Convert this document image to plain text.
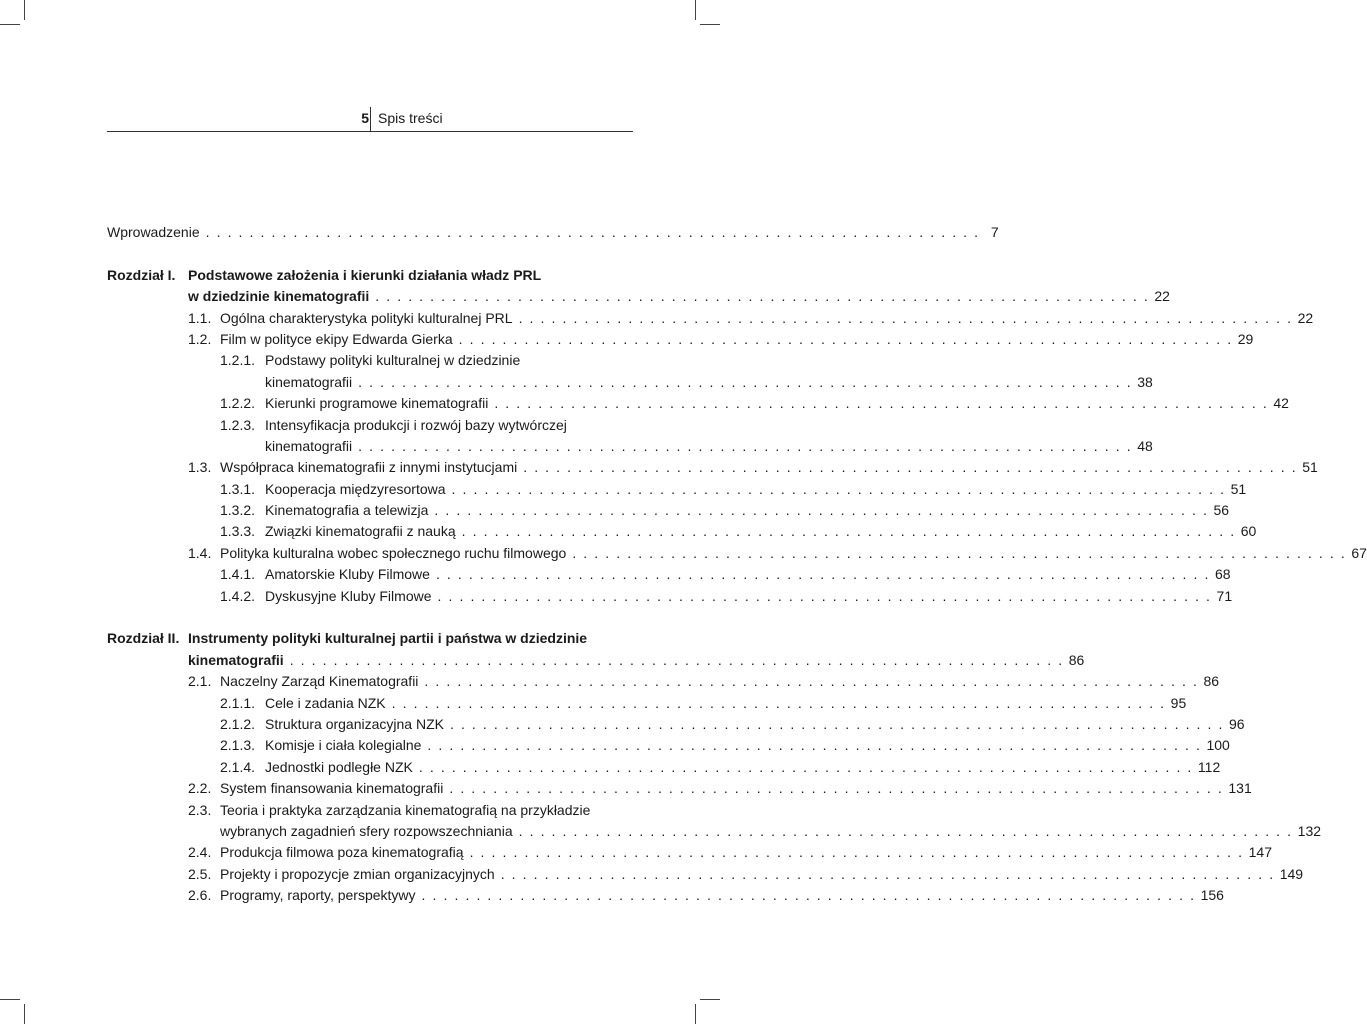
5 Spis treści
Wprowadzenie . . . . . . . . . . . . . . . . . . . . . . . . . . . . . . . . . . . . . . . . . . . . . . . . . . . . . . . . . . . . . . . . . . . . . . . 7
Podstawowe założenia i kierunki działania władz PRL
Rozdział I.
w dziedzinie kinematografii . . . . . . . . . . . . . . . . . . . . . . . . . . . . . . . . . . . . . . . . . . . . . . . . . . . . . . . . . . . . . . . . . . . . . . . 22
1.1. Ogólna charakterystyka polityki kulturalnej PRL . . . . . . . . . . . . . . . . . . . . . . . . . . . . . . . . . . . . . . . . . . . . . . . . . . . . . . . . . . . . . . . . . . . . . . . 22
1.2. Film w polityce ekipy Edwarda Gierka . . . . . . . . . . . . . . . . . . . . . . . . . . . . . . . . . . . . . . . . . . . . . . . . . . . . . . . . . . . . . . . . . . . . . . . 29
1.2.1. Podstawy polityki kulturalnej w dziedzinie
kinematografii . . . . . . . . . . . . . . . . . . . . . . . . . . . . . . . . . . . . . . . . . . . . . . . . . . . . . . . . . . . . . . . . . . . . . . . 38
1.2.2. Kierunki programowe kinematografii . . . . . . . . . . . . . . . . . . . . . . . . . . . . . . . . . . . . . . . . . . . . . . . . . . . . . . . . . . . . . . . . . . . . . . . 42
1.2.3. Intensyfikacja produkcji i rozwój bazy wytwórczej
kinematografii . . . . . . . . . . . . . . . . . . . . . . . . . . . . . . . . . . . . . . . . . . . . . . . . . . . . . . . . . . . . . . . . . . . . . . . 48
1.3. Współpraca kinematografii z innymi instytucjami . . . . . . . . . . . . . . . . . . . . . . . . . . . . . . . . . . . . . . . . . . . . . . . . . . . . . . . . . . . . . . . . . . . . . . . 51
1.3.1. Kooperacja międzyresortowa . . . . . . . . . . . . . . . . . . . . . . . . . . . . . . . . . . . . . . . . . . . . . . . . . . . . . . . . . . . . . . . . . . . . . . . 51
1.3.2. Kinematografia a telewizja . . . . . . . . . . . . . . . . . . . . . . . . . . . . . . . . . . . . . . . . . . . . . . . . . . . . . . . . . . . . . . . . . . . . . . . 56
1.3.3. Związki kinematografii z nauką . . . . . . . . . . . . . . . . . . . . . . . . . . . . . . . . . . . . . . . . . . . . . . . . . . . . . . . . . . . . . . . . . . . . . . . 60
1.4. Polityka kulturalna wobec społecznego ruchu filmowego . . . . . . . . . . . . . . . . . . . . . . . . . . . . . . . . . . . . . . . . . . . . . . . . . . . . . . . . . . . . . . . . . . . . . . . 67
1.4.1. Amatorskie Kluby Filmowe . . . . . . . . . . . . . . . . . . . . . . . . . . . . . . . . . . . . . . . . . . . . . . . . . . . . . . . . . . . . . . . . . . . . . . . 68
1.4.2. Dyskusyjne Kluby Filmowe . . . . . . . . . . . . . . . . . . . . . . . . . . . . . . . . . . . . . . . . . . . . . . . . . . . . . . . . . . . . . . . . . . . . . . . 71
Instrumenty polityki kulturalnej partii i państwa w dziedzinie
Rozdział II.
kinematografii . . . . . . . . . . . . . . . . . . . . . . . . . . . . . . . . . . . . . . . . . . . . . . . . . . . . . . . . . . . . . . . . . . . . . . . 86
2.1. Naczelny Zarząd Kinematografii . . . . . . . . . . . . . . . . . . . . . . . . . . . . . . . . . . . . . . . . . . . . . . . . . . . . . . . . . . . . . . . . . . . . . . . 86
2.1.1. Cele i zadania NZK . . . . . . . . . . . . . . . . . . . . . . . . . . . . . . . . . . . . . . . . . . . . . . . . . . . . . . . . . . . . . . . . . . . . . . . 95
2.1.2. Struktura organizacyjna NZK . . . . . . . . . . . . . . . . . . . . . . . . . . . . . . . . . . . . . . . . . . . . . . . . . . . . . . . . . . . . . . . . . . . . . . . 96
2.1.3. Komisje i ciała kolegialne . . . . . . . . . . . . . . . . . . . . . . . . . . . . . . . . . . . . . . . . . . . . . . . . . . . . . . . . . . . . . . . . . . . . . . . 100
2.1.4. Jednostki podległe NZK . . . . . . . . . . . . . . . . . . . . . . . . . . . . . . . . . . . . . . . . . . . . . . . . . . . . . . . . . . . . . . . . . . . . . . . 112
2.2. System finansowania kinematografii . . . . . . . . . . . . . . . . . . . . . . . . . . . . . . . . . . . . . . . . . . . . . . . . . . . . . . . . . . . . . . . . . . . . . . . 131
2.3. Teoria i praktyka zarządzania kinematografią na przykładzie
wybranych zagadnień sfery rozpowszechniania . . . . . . . . . . . . . . . . . . . . . . . . . . . . . . . . . . . . . . . . . . . . . . . . . . . . . . . . . . . . . . . . . . . . . . . 132
2.4. Produkcja filmowa poza kinematografią . . . . . . . . . . . . . . . . . . . . . . . . . . . . . . . . . . . . . . . . . . . . . . . . . . . . . . . . . . . . . . . . . . . . . . . 147
2.5. Projekty i propozycje zmian organizacyjnych . . . . . . . . . . . . . . . . . . . . . . . . . . . . . . . . . . . . . . . . . . . . . . . . . . . . . . . . . . . . . . . . . . . . . . . 149
2.6. Programy, raporty, perspektywy . . . . . . . . . . . . . . . . . . . . . . . . . . . . . . . . . . . . . . . . . . . . . . . . . . . . . . . . . . . . . . . . . . . . . . . 156
